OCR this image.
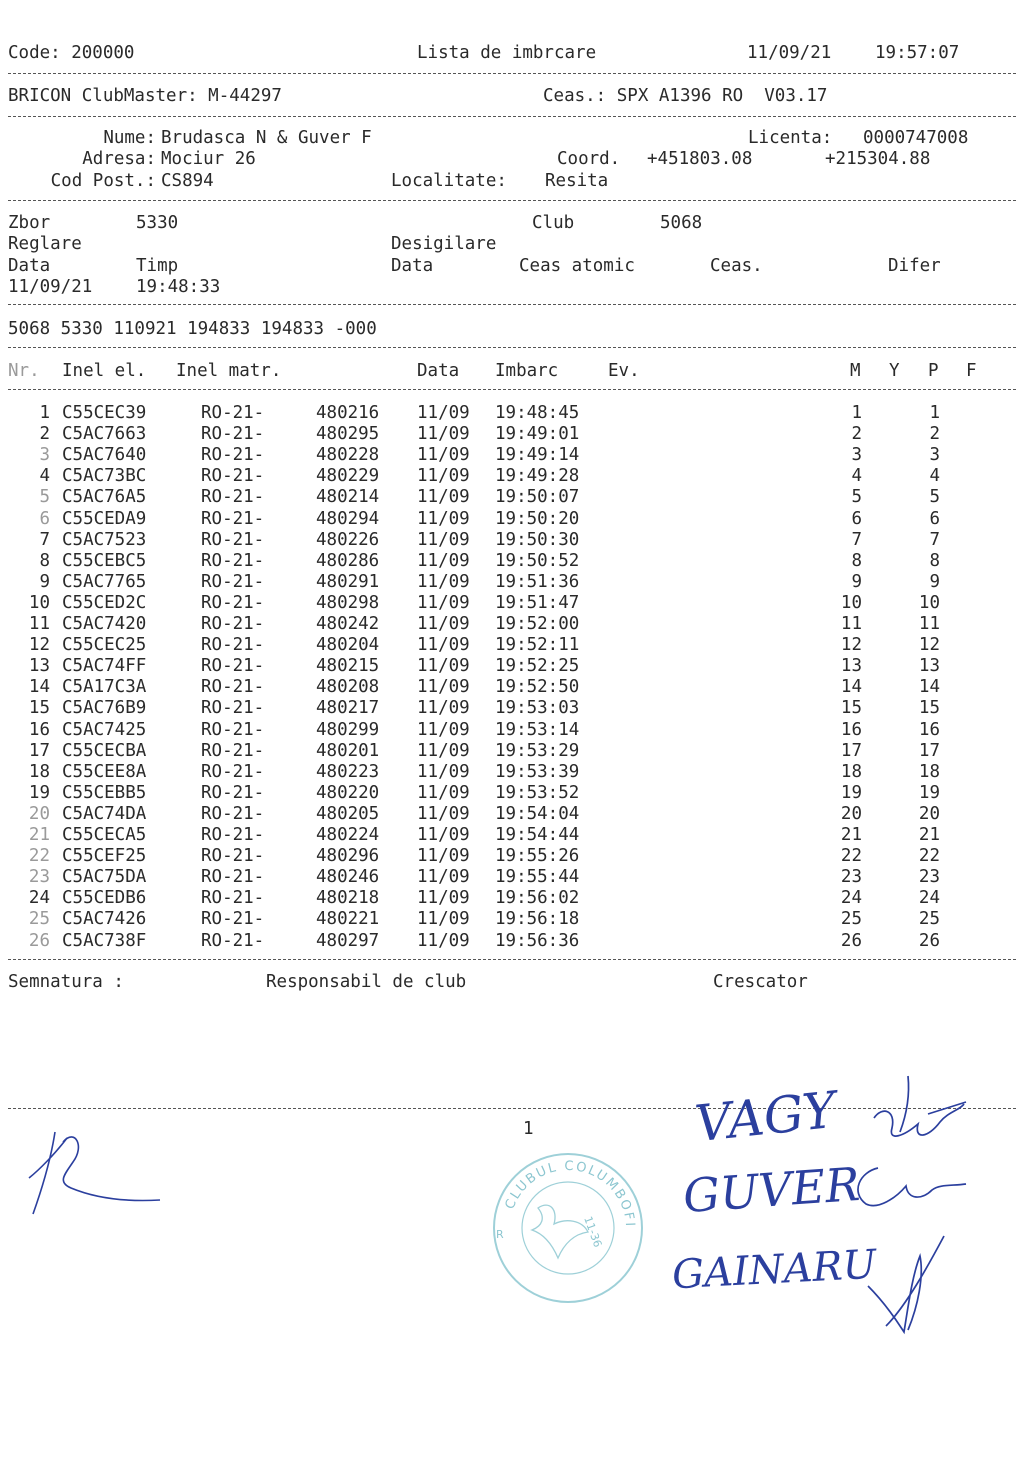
Code: 200000	Lista de imbrcare	11/09/21 19:57:07
BRICON ClubMaster: M-44297	Ceas.: SPX A1396 RO  V03.17
Nume: Brudasca N & Guver F	Licenta: 0000747008
Adresa: Mociur 26	Coord. +451803.08	+215304.88
Cod Post.: CS894	Localitate: Resita
Zbor	5330	Club	5068
Reglare	Desigilare
Data	Timp	Data	Ceas atomic	Ceas.	Difer
11/09/21 19:48:33
5068 5330 110921 194833 194833 -000
Nr. Inel el. Inel matr.	Data Imbarc	Ev.	M Y P F
1 C55CEC39	RO-21-	480216 11/09 19:48:45	1	1
2 C5AC7663	RO-21-	480295 11/09 19:49:01	2	2
3 C5AC7640	RO-21-	480228 11/09 19:49:14	3	3
4 C5AC73BC	RO-21-	480229 11/09 19:49:28	4	4
5 C5AC76A5	RO-21-	480214 11/09 19:50:07	5	5
6 C55CEDA9	RO-21-	480294 11/09 19:50:20	6	6
7 C5AC7523	RO-21-	480226 11/09 19:50:30	7	7
8 C55CEBC5	RO-21-	480286 11/09 19:50:52	8	8
9 C5AC7765	RO-21-	480291 11/09 19:51:36	9	9
10 C55CED2C	RO-21-	480298 11/09 19:51:47	10	10
11 C5AC7420	RO-21-	480242 11/09 19:52:00	11	11
12 C55CEC25	RO-21-	480204 11/09 19:52:11	12	12
13 C5AC74FF	RO-21-	480215 11/09 19:52:25	13	13
14 C5A17C3A	RO-21-	480208 11/09 19:52:50	14	14
15 C5AC76B9	RO-21-	480217 11/09 19:53:03	15	15
16 C5AC7425	RO-21-	480299 11/09 19:53:14	16	16
17 C55CECBA	RO-21-	480201 11/09 19:53:29	17	17
18 C55CEE8A	RO-21-	480223 11/09 19:53:39	18	18
19 C55CEBB5	RO-21-	480220 11/09 19:53:52	19	19
20 C5AC74DA	RO-21-	480205 11/09 19:54:04	20	20
21 C55CECA5	RO-21-	480224 11/09 19:54:44	21	21
22 C55CEF25	RO-21-	480296 11/09 19:55:26	22	22
23 C5AC75DA	RO-21-	480246 11/09 19:55:44	23	23
24 C55CEDB6	RO-21-	480218 11/09 19:56:02	24	24
25 C5AC7426	RO-21-	480221 11/09 19:56:18	25	25
26 C5AC738F	RO-21-	480297 11/09 19:56:36	26	26
Semnatura :	Responsabil de club	Crescator
1	VAGY
GUVER
GAINARU
CLUBUL COLUMBOFIL
11-36
R
